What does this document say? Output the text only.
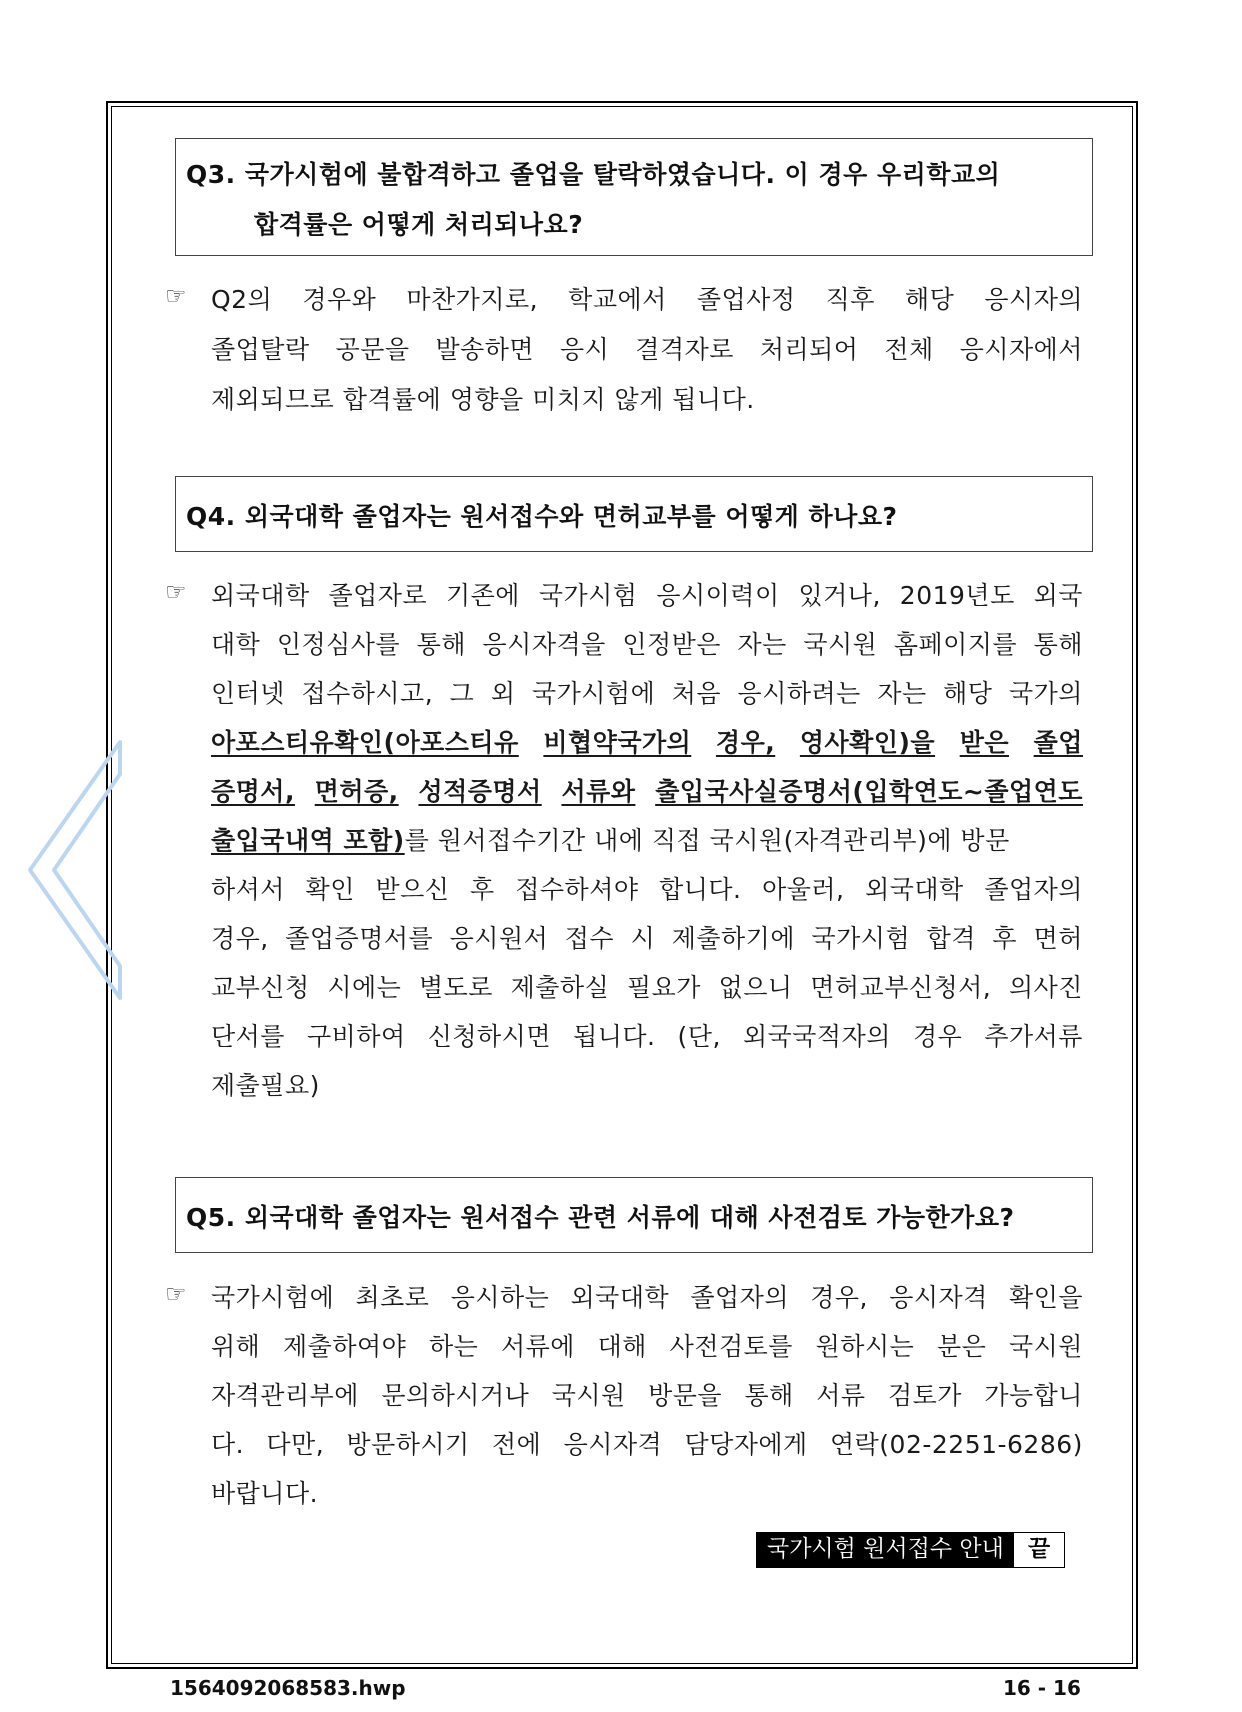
Q3. 국가시험에 불합격하고 졸업을 탈락하였습니다. 이 경우 우리학교의
합격률은 어떻게 처리되나요?
☞ Q2의 경우와 마찬가지로, 학교에서 졸업사정 직후 해당 응시자의
졸업탈락 공문을 발송하면 응시 결격자로 처리되어 전체 응시자에서
제외되므로 합격률에 영향을 미치지 않게 됩니다.
Q4. 외국대학 졸업자는 원서접수와 면허교부를 어떻게 하나요?
☞ 외국대학 졸업자로 기존에 국가시험 응시이력이 있거나, 2019년도 외국
대학 인정심사를 통해 응시자격을 인정받은 자는 국시원 홈페이지를 통해
인터넷 접수하시고, 그 외 국가시험에 처음 응시하려는 자는 해당 국가의
아포스티유확인(아포스티유 비협약국가의 경우, 영사확인)을 받은 졸업
증명서, 면허증, 성적증명서 서류와 출입국사실증명서(입학연도~졸업연도
출입국내역 포함) 를 원서접수기간 내에 직접 국시원(자격관리부)에 방문
하셔서 확인 받으신 후 접수하셔야 합니다. 아울러, 외국대학 졸업자의
경우, 졸업증명서를 응시원서 접수 시 제출하기에 국가시험 합격 후 면허
교부신청 시에는 별도로 제출하실 필요가 없으니 면허교부신청서, 의사진
단서를 구비하여 신청하시면 됩니다. (단, 외국국적자의 경우 추가서류
제출필요)
Q5. 외국대학 졸업자는 원서접수 관련 서류에 대해 사전검토 가능한가요?
☞ 국가시험에 최초로 응시하는 외국대학 졸업자의 경우, 응시자격 확인을
위해 제출하여야 하는 서류에 대해 사전검토를 원하시는 분은 국시원
자격관리부에 문의하시거나 국시원 방문을 통해 서류 검토가 가능합니
다. 다만, 방문하시기 전에 응시자격 담당자에게 연락(02-2251-6286)
바랍니다.
국가시험 원서접수 안내	끝
1564092068583.hwp	16 - 16
